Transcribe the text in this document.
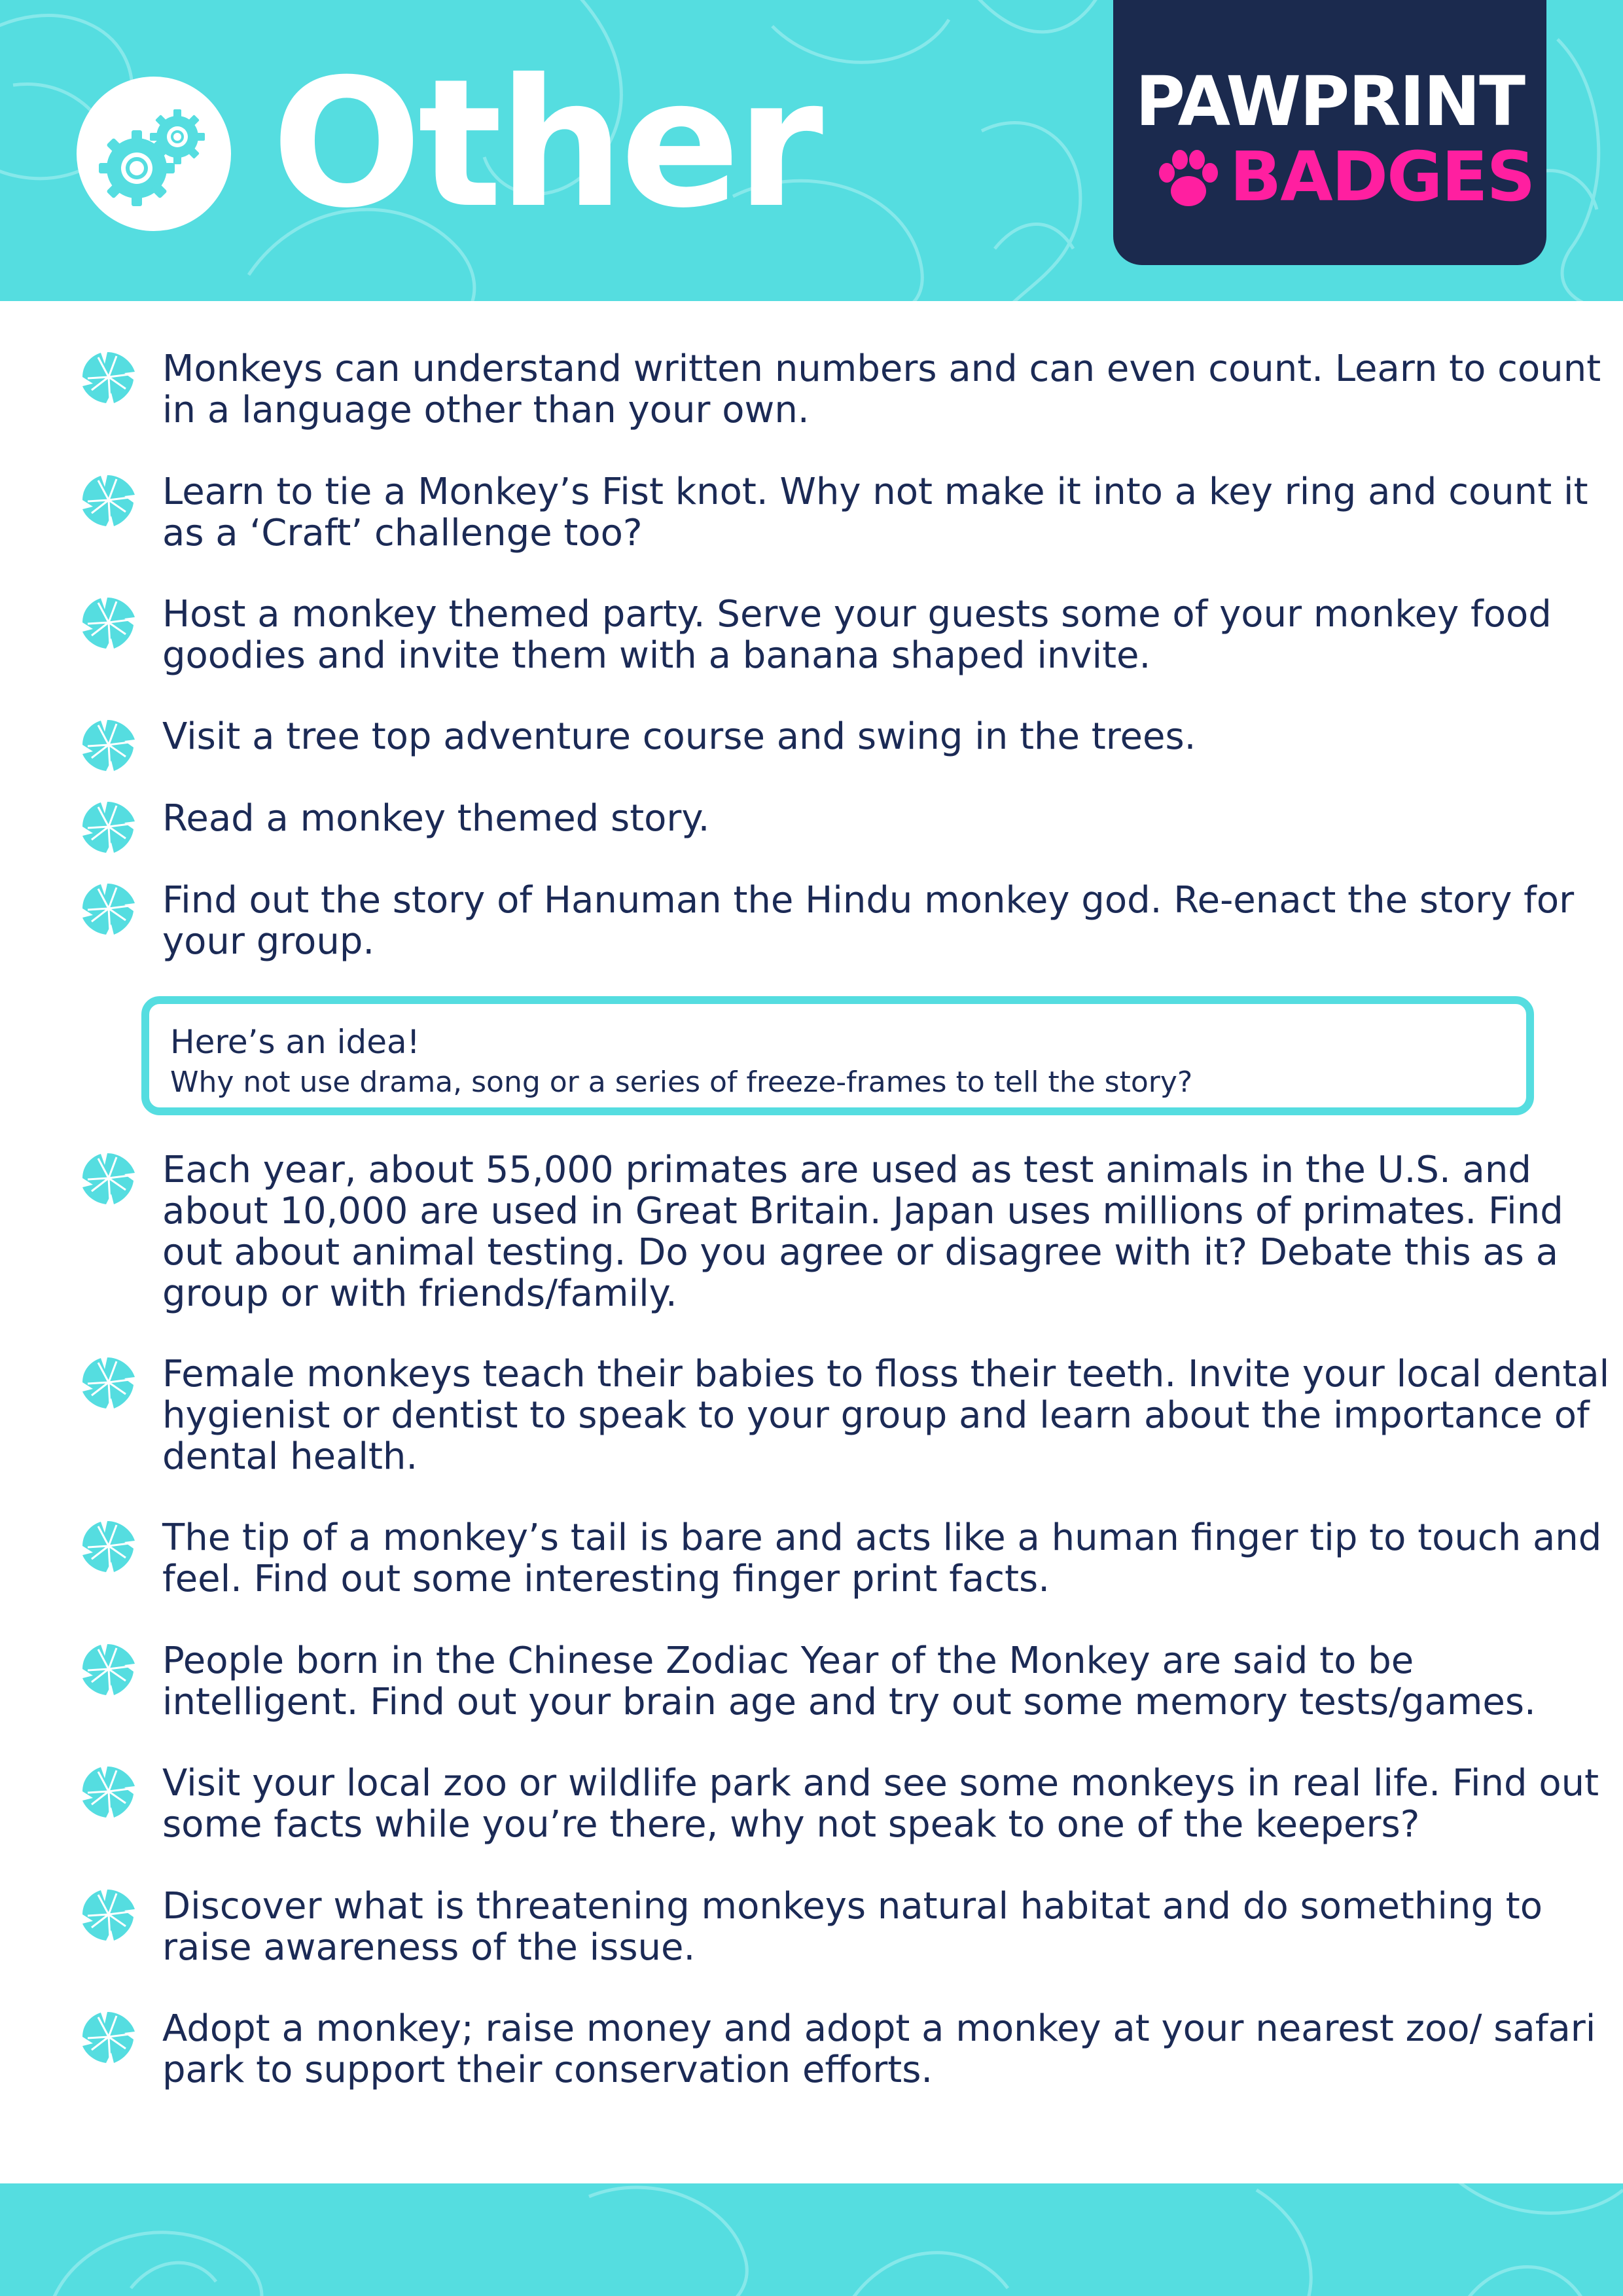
Other	PAWPRINT
BADGES
Monkeys can understand written numbers and can even count. Learn to count in a language other than your own.
Learn to tie a Monkey’s Fist knot. Why not make it into a key ring and count it as a ‘Craft’ challenge too?
Host a monkey themed party. Serve your guests some of your monkey food goodies and invite them with a banana shaped invite.
Visit a tree top adventure course and swing in the trees.
Read a monkey themed story.
Find out the story of Hanuman the Hindu monkey god. Re-enact the story for your group.
Here’s an idea!
Why not use drama, song or a series of freeze-frames to tell the story?
Each year, about 55,000 primates are used as test animals in the U.S. and about 10,000 are used in Great Britain. Japan uses millions of primates. Find out about animal testing. Do you agree or disagree with it? Debate this as a group or with friends/family.
Female monkeys teach their babies to floss their teeth. Invite your local dental hygienist or dentist to speak to your group and learn about the importance of dental health.
The tip of a monkey’s tail is bare and acts like a human finger tip to touch and feel. Find out some interesting finger print facts.
People born in the Chinese Zodiac Year of the Monkey are said to be intelligent. Find out your brain age and try out some memory tests/games.
Visit your local zoo or wildlife park and see some monkeys in real life. Find out some facts while you’re there, why not speak to one of the keepers?
Discover what is threatening monkeys natural habitat and do something to raise awareness of the issue.
Adopt a monkey; raise money and adopt a monkey at your nearest zoo/ safari park to support their conservation efforts.
